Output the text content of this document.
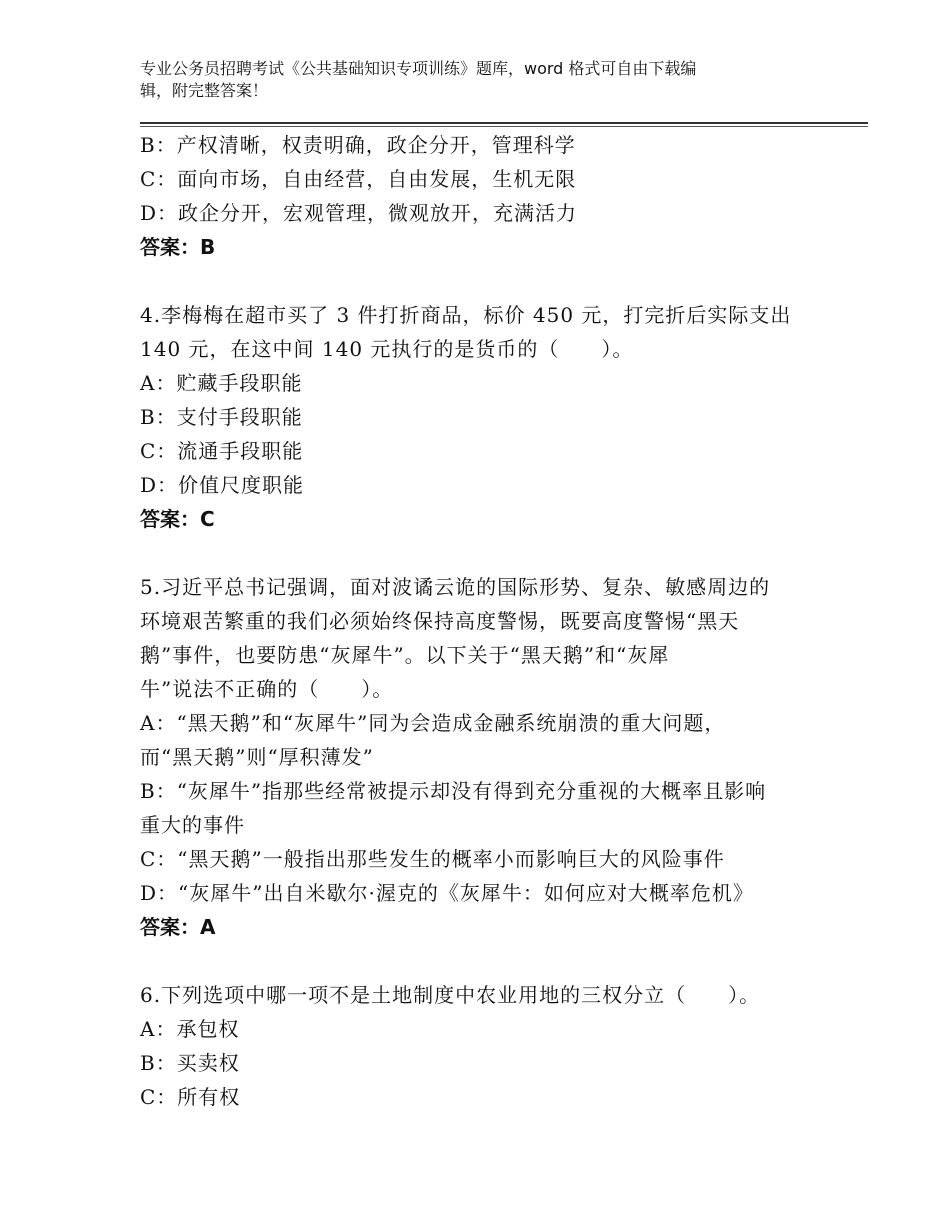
专业公务员招聘考试《公共基础知识专项训练》题库，word 格式可自由下载编
辑，附完整答案！
B：产权清晰，权责明确，政企分开，管理科学
C：面向市场，自由经营，自由发展，生机无限
D：政企分开，宏观管理，微观放开，充满活力
答案：B
4.李梅梅在超市买了 3 件打折商品，标价 450 元，打完折后实际支出
140 元，在这中间 140 元执行的是货币的（　　）。
A：贮藏手段职能
B：支付手段职能
C：流通手段职能
D：价值尺度职能
答案：C
5.习近平总书记强调，面对波谲云诡的国际形势、复杂、敏感周边的
环境艰苦繁重的我们必须始终保持高度警惕，既要高度警惕“黑天
鹅”事件，也要防患“灰犀牛”。以下关于“黑天鹅”和“灰犀
牛”说法不正确的（　　）。
A：“黑天鹅”和“灰犀牛”同为会造成金融系统崩溃的重大问题，
而“黑天鹅”则“厚积薄发”
B：“灰犀牛”指那些经常被提示却没有得到充分重视的大概率且影响
重大的事件
C：“黑天鹅”一般指出那些发生的概率小而影响巨大的风险事件
D：“灰犀牛”出自米歇尔·渥克的《灰犀牛：如何应对大概率危机》
答案：A
6.下列选项中哪一项不是土地制度中农业用地的三权分立（　　）。
A：承包权
B：买卖权
C：所有权
